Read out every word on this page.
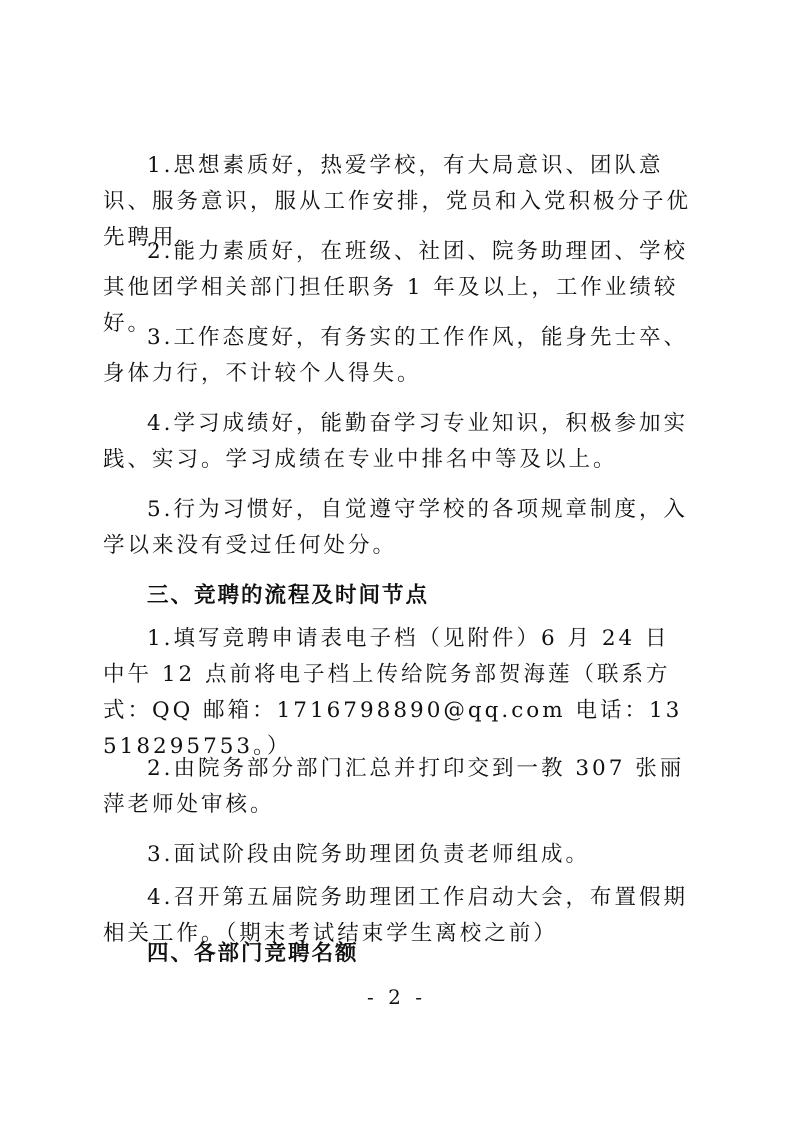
1.思想素质好，热爱学校，有大局意识、团队意识、服务意识，服从工作安排，党员和入党积极分子优先聘用。

2.能力素质好，在班级、社团、院务助理团、学校其他团学相关部门担任职务 1 年及以上，工作业绩较好。

3.工作态度好，有务实的工作作风，能身先士卒、身体力行，不计较个人得失。

4.学习成绩好，能勤奋学习专业知识，积极参加实践、实习。学习成绩在专业中排名中等及以上。

5.行为习惯好，自觉遵守学校的各项规章制度，入学以来没有受过任何处分。

三、竞聘的流程及时间节点

1.填写竞聘申请表电子档（见附件）6 月 24 日中午 12 点前将电子档上传给院务部贺海莲（联系方式：QQ 邮箱：1716798890@qq.com 电话：13518295753。）

2.由院务部分部门汇总并打印交到一教 307 张丽萍老师处审核。

3.面试阶段由院务助理团负责老师组成。

4.召开第五届院务助理团工作启动大会，布置假期相关工作。（期末考试结束学生离校之前）

四、各部门竞聘名额
- 2 -
